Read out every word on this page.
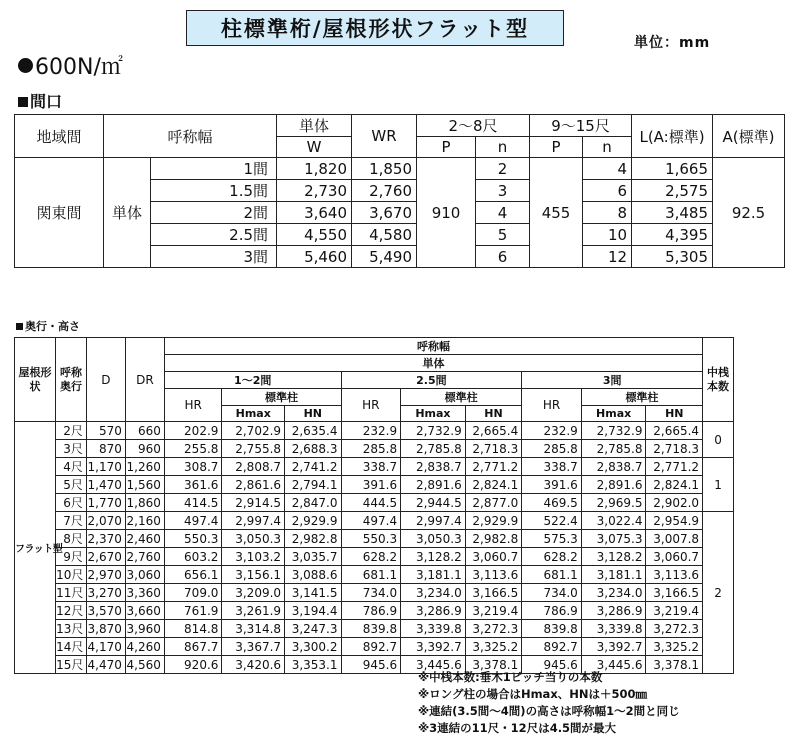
柱標準桁/屋根形状フラット型
単位：mm
600N/㎡
間口
地域間	呼称幅		単体	WR	2～8尺		9～15尺		L(A:標準)	A(標準)
			W		P	n	P	n		
関東間	単体	1間	1,820	1,850	910	2	455	4	1,665	92.5
		1.5間	2,730	2,760		3		6	2,575	
		2間	3,640	3,670		4		8	3,485	
		2.5間	4,550	4,580		5		10	4,395	
		3間	5,460	5,490		6		12	5,305	
奥行・高さ
屋根形状	呼称奥行	D	DR	呼称幅									中桟本数
				単体									
				1～2間			2.5間			3間			
				HR	標準柱		HR	標準柱		HR	標準柱		
					Hmax	HN		Hmax	HN		Hmax	HN	
フラット型	2尺	570	660	202.9	2,702.9	2,635.4	232.9	2,732.9	2,665.4	232.9	2,732.9	2,665.4	0
	3尺	870	960	255.8	2,755.8	2,688.3	285.8	2,785.8	2,718.3	285.8	2,785.8	2,718.3	
	4尺	1,170	1,260	308.7	2,808.7	2,741.2	338.7	2,838.7	2,771.2	338.7	2,838.7	2,771.2	1
	5尺	1,470	1,560	361.6	2,861.6	2,794.1	391.6	2,891.6	2,824.1	391.6	2,891.6	2,824.1	
	6尺	1,770	1,860	414.5	2,914.5	2,847.0	444.5	2,944.5	2,877.0	469.5	2,969.5	2,902.0	
	7尺	2,070	2,160	497.4	2,997.4	2,929.9	497.4	2,997.4	2,929.9	522.4	3,022.4	2,954.9	2
	8尺	2,370	2,460	550.3	3,050.3	2,982.8	550.3	3,050.3	2,982.8	575.3	3,075.3	3,007.8	
	9尺	2,670	2,760	603.2	3,103.2	3,035.7	628.2	3,128.2	3,060.7	628.2	3,128.2	3,060.7	
	10尺	2,970	3,060	656.1	3,156.1	3,088.6	681.1	3,181.1	3,113.6	681.1	3,181.1	3,113.6	
	11尺	3,270	3,360	709.0	3,209.0	3,141.5	734.0	3,234.0	3,166.5	734.0	3,234.0	3,166.5	
	12尺	3,570	3,660	761.9	3,261.9	3,194.4	786.9	3,286.9	3,219.4	786.9	3,286.9	3,219.4	
	13尺	3,870	3,960	814.8	3,314.8	3,247.3	839.8	3,339.8	3,272.3	839.8	3,339.8	3,272.3	
	14尺	4,170	4,260	867.7	3,367.7	3,300.2	892.7	3,392.7	3,325.2	892.7	3,392.7	3,325.2	
	15尺	4,470	4,560	920.6	3,420.6	3,353.1	945.6	3,445.6	3,378.1	945.6	3,445.6	3,378.1	
※中桟本数:垂木1ピッチ当りの本数
※ロング柱の場合はHmax、HNは＋500㎜
※連結(3.5間～4間)の高さは呼称幅1～2間と同じ
※3連結の11尺・12尺は4.5間が最大
